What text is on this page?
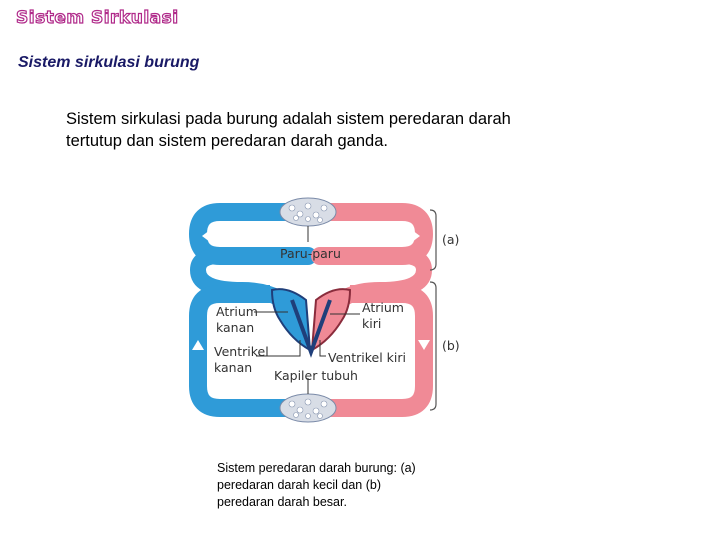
Sistem Sirkulasi
Sistem sirkulasi burung
Sistem sirkulasi pada burung adalah sistem peredaran darah
tertutup dan sistem peredaran darah ganda.
Paru-paru
Atrium
kanan
Atrium
kiri
Ventrikel
kanan
Ventrikel kiri
Kapiler tubuh
(a)
(b)
Sistem peredaran darah burung: (a)
peredaran darah kecil dan (b)
peredaran darah besar.
